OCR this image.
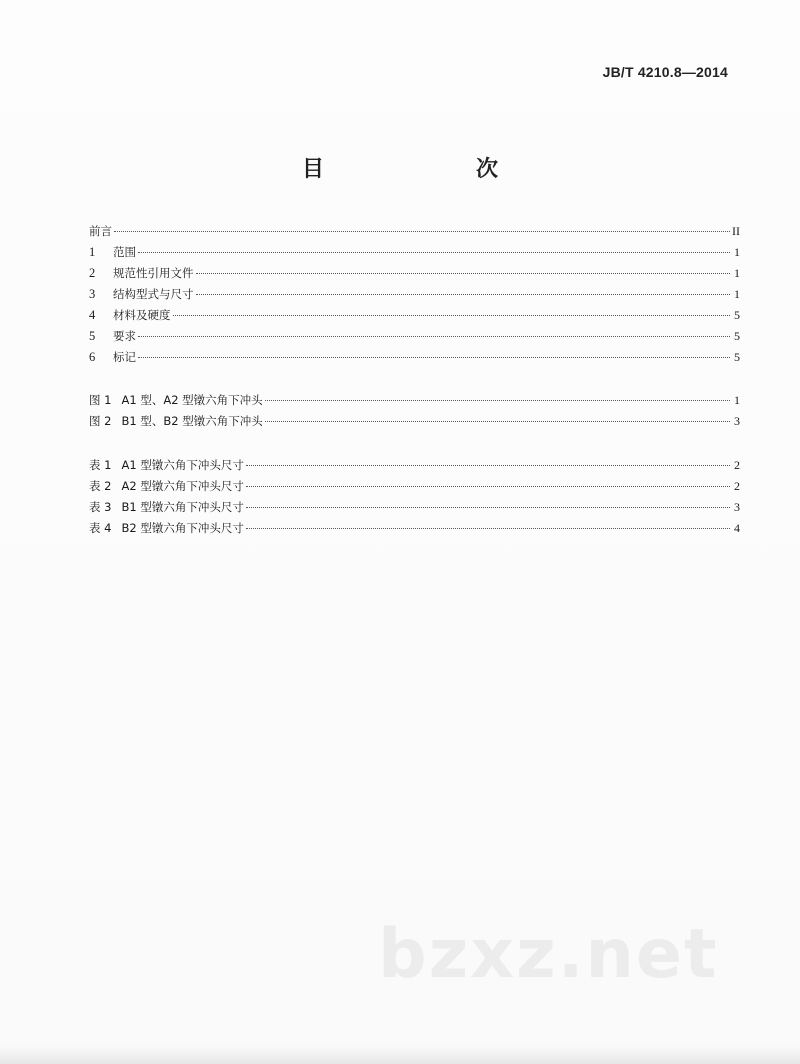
JB/T 4210.8—2014
目　　次
前言	II
1	范围	1
2	规范性引用文件	1
3	结构型式与尺寸	1
4	材料及硬度	5
5	要求	5
6	标记	5
图 1 A1 型、A2 型镦六角下冲头	1
图 2 B1 型、B2 型镦六角下冲头	3
表 1 A1 型镦六角下冲头尺寸	2
表 2 A2 型镦六角下冲头尺寸	2
表 3 B1 型镦六角下冲头尺寸	3
表 4 B2 型镦六角下冲头尺寸	4
bzxz.net
